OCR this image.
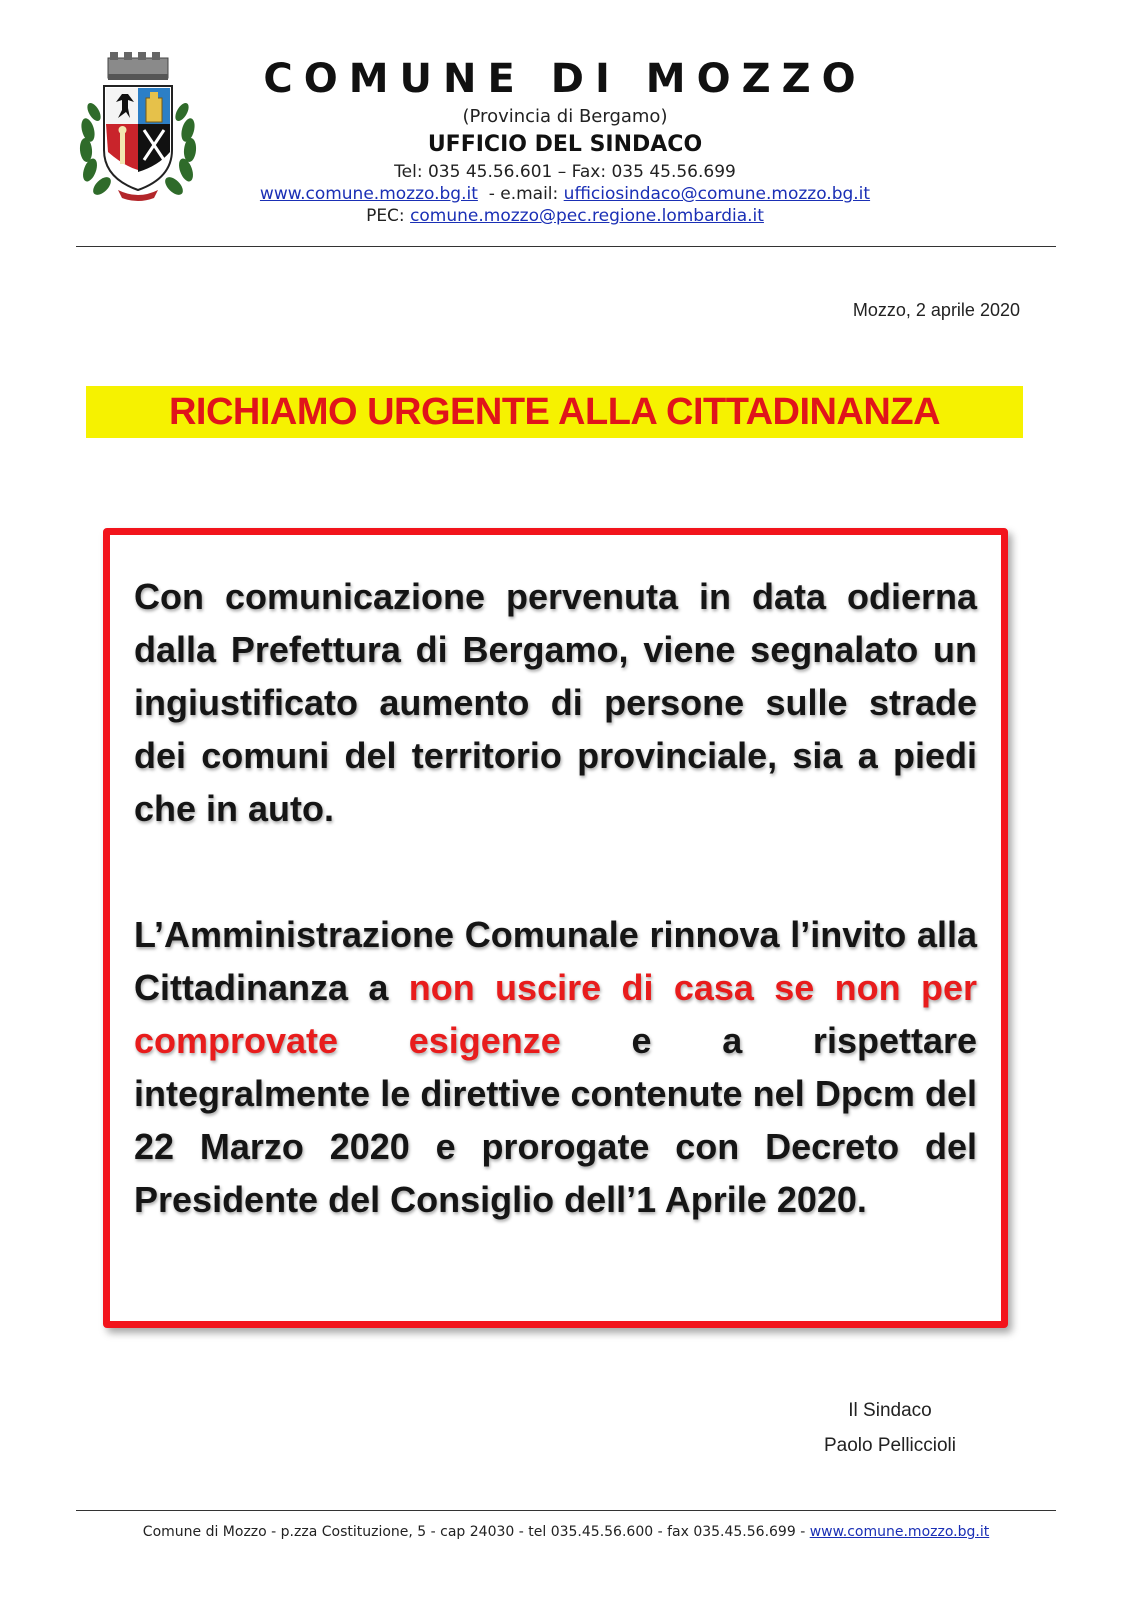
COMUNE DI MOZZO
(Provincia di Bergamo)
UFFICIO DEL SINDACO
Tel: 035 45.56.601 – Fax: 035 45.56.699
www.comune.mozzo.bg.it - e.mail: ufficiosindaco@comune.mozzo.bg.it
PEC: comune.mozzo@pec.regione.lombardia.it
Mozzo, 2 aprile 2020
RICHIAMO URGENTE ALLA CITTADINANZA

Con comunicazione pervenuta in data odierna dalla Prefettura di Bergamo, viene segnalato un ingiustificato aumento di persone sulle strade dei comuni del territorio provinciale, sia a piedi che in auto.

L’Amministrazione Comunale rinnova l’invito alla Cittadinanza a non uscire di casa se non per comprovate esigenze e a rispettare integralmente le direttive contenute nel Dpcm del 22 Marzo 2020 e prorogate con Decreto del Presidente del Consiglio dell’1 Aprile 2020.

Il Sindaco
Paolo Pelliccioli
Comune di Mozzo - p.zza Costituzione, 5 - cap 24030 - tel 035.45.56.600 - fax 035.45.56.699 - www.comune.mozzo.bg.it
